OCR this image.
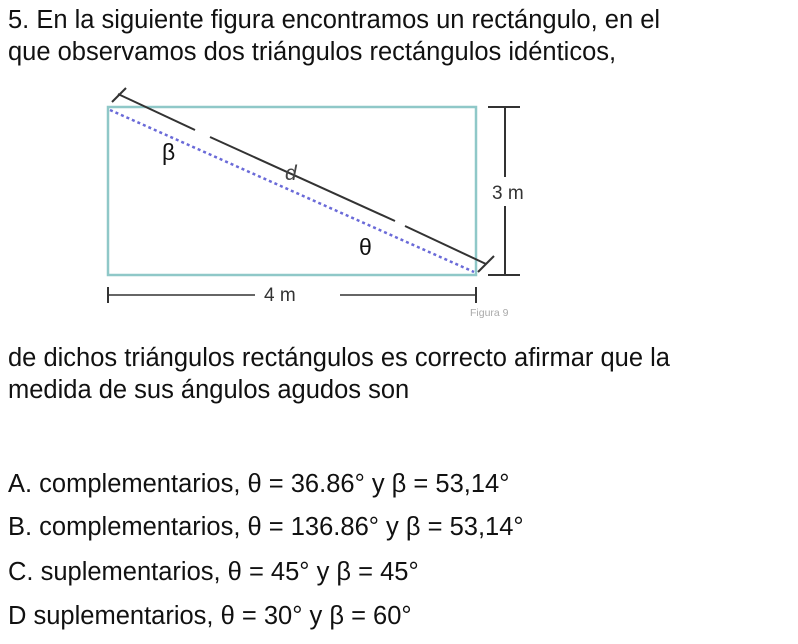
5. En la siguiente figura encontramos un rectángulo, en el
que observamos dos triángulos rectángulos idénticos,
3 m
4 m
β
θ
d
Figura 9
de dichos triángulos rectángulos es correcto afirmar que la
medida de sus ángulos agudos son
A. complementarios, θ = 36.86° y β = 53,14°
B. complementarios, θ = 136.86° y β = 53,14°
C. suplementarios, θ = 45° y β = 45°
D suplementarios, θ = 30° y β = 60°
